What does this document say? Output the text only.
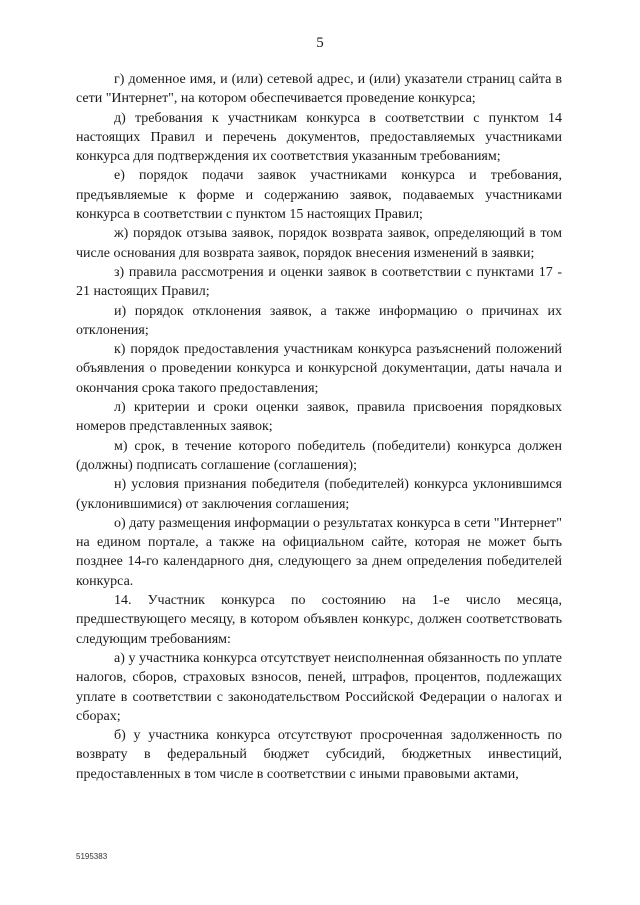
5

г) доменное имя, и (или) сетевой адрес, и (или) указатели страниц сайта в сети "Интернет", на котором обеспечивается проведение конкурса;

д) требования к участникам конкурса в соответствии с пунктом 14 настоящих Правил и перечень документов, предоставляемых участниками конкурса для подтверждения их соответствия указанным требованиям;

е) порядок подачи заявок участниками конкурса и требования, предъявляемые к форме и содержанию заявок, подаваемых участниками конкурса в соответствии с пунктом 15 настоящих Правил;

ж) порядок отзыва заявок, порядок возврата заявок, определяющий в том числе основания для возврата заявок, порядок внесения изменений в заявки;

з) правила рассмотрения и оценки заявок в соответствии с пунктами 17 - 21 настоящих Правил;

и) порядок отклонения заявок, а также информацию о причинах их отклонения;

к) порядок предоставления участникам конкурса разъяснений положений объявления о проведении конкурса и конкурсной документации, даты начала и окончания срока такого предоставления;

л) критерии и сроки оценки заявок, правила присвоения порядковых номеров представленных заявок;

м) срок, в течение которого победитель (победители) конкурса должен (должны) подписать соглашение (соглашения);

н) условия признания победителя (победителей) конкурса уклонившимся (уклонившимися) от заключения соглашения;

о) дату размещения информации о результатах конкурса в сети "Интернет" на едином портале, а также на официальном сайте, которая не может быть позднее 14-го календарного дня, следующего за днем определения победителей конкурса.

14. Участник конкурса по состоянию на 1-е число месяца, предшествующего месяцу, в котором объявлен конкурс, должен соответствовать следующим требованиям:

а) у участника конкурса отсутствует неисполненная обязанность по уплате налогов, сборов, страховых взносов, пеней, штрафов, процентов, подлежащих уплате в соответствии с законодательством Российской Федерации о налогах и сборах;

б) у участника конкурса отсутствуют просроченная задолженность по возврату в федеральный бюджет субсидий, бюджетных инвестиций, предоставленных в том числе в соответствии с иными правовыми актами,

5195383
